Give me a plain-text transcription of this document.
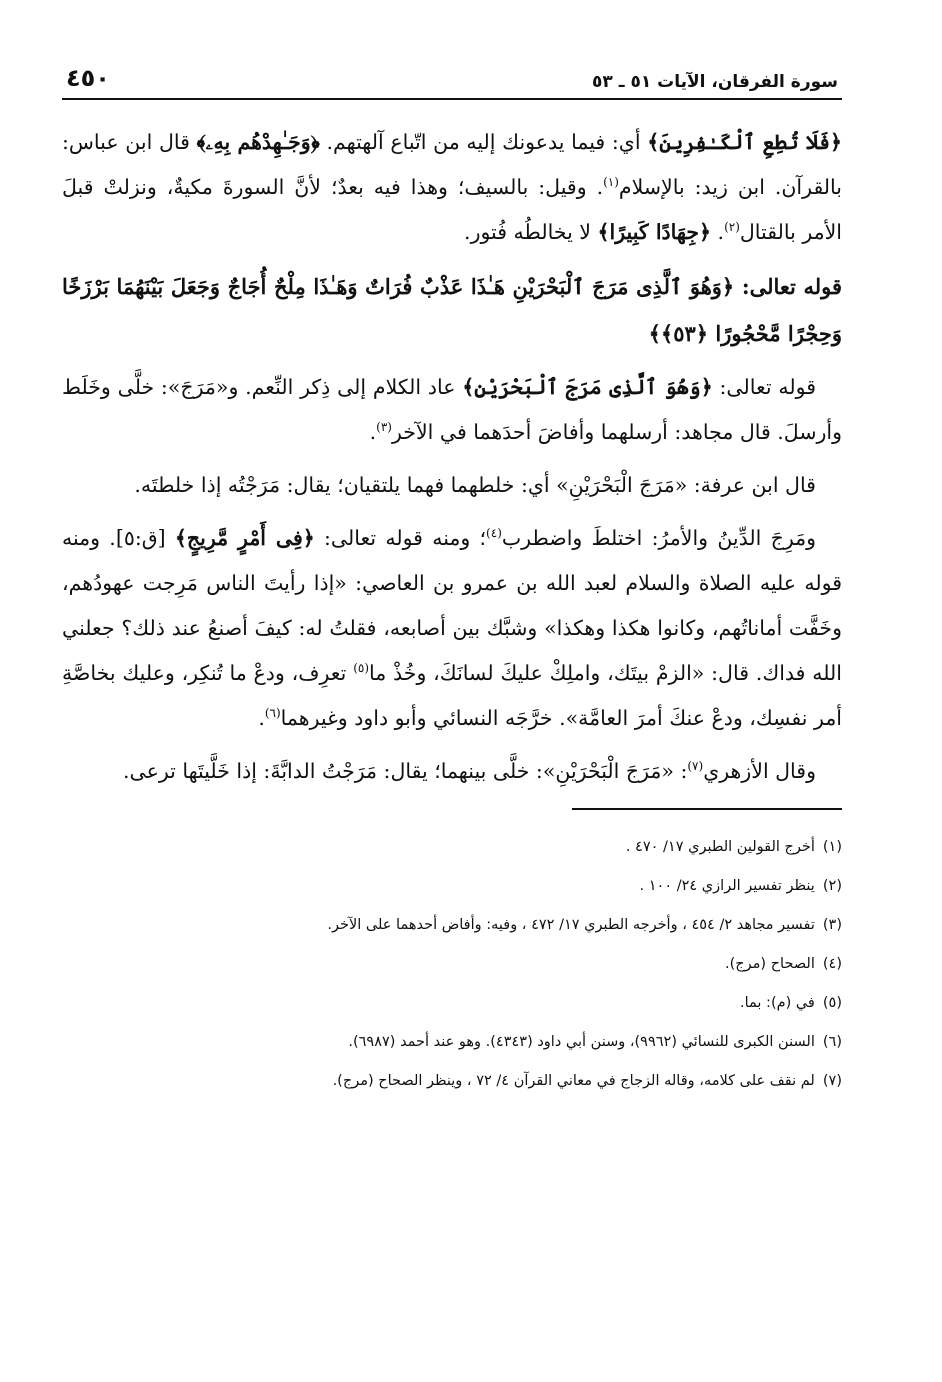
سورة الفرقان، الآيات ٥١ ـ ٥٣
٤٥٠

﴿فَلَا تُطِعِ ٱلْكَـٰفِرِينَ﴾ أي: فيما يدعونك إليه من اتّباع آلهتهم. ﴿وَجَـٰهِدْهُم بِهِۦ﴾ قال ابن عباس: بالقرآن. ابن زيد: بالإسلام$^{(١)}$. وقيل: بالسيف؛ وهذا فيه بعدٌ؛ لأنَّ السورةَ مكيةٌ، ونزلتْ قبلَ الأمر بالقتال$^{(٢)}$. ﴿جِهَادًا كَبِيرًا﴾ لا يخالطُه فُتور.

قوله تعالى: ﴿وَهُوَ ٱلَّذِى مَرَجَ ٱلْبَحْرَيْنِ هَـٰذَا عَذْبٌ فُرَاتٌ وَهَـٰذَا مِلْحٌ أُجَاجٌ وَجَعَلَ بَيْنَهُمَا بَرْزَخًا وَحِجْرًا مَّحْجُورًا ﴿٥٣﴾﴾

قوله تعالى: ﴿وَهُوَ ٱلَّذِى مَرَجَ ٱلْبَحْرَيْنِ﴾ عاد الكلام إلى ذِكر النِّعم. و«مَرَجَ»: خلَّى وخَلَط وأرسلَ. قال مجاهد: أرسلهما وأفاضَ أحدَهما في الآخر$^{(٣)}$.

قال ابن عرفة: «مَرَجَ الْبَحْرَيْنِ» أي: خلطهما فهما يلتقيان؛ يقال: مَرَجْتُه إذا خلطتَه.

ومَرِجَ الدِّينُ والأمرُ: اختلطَ واضطرب$^{(٤)}$؛ ومنه قوله تعالى: ﴿فِى أَمْرٍ مَّرِيجٍ﴾ [ق:٥]. ومنه قوله عليه الصلاة والسلام لعبد الله بن عمرو بن العاصي: «إذا رأيتَ الناس مَرِجت عهودُهم، وخَفَّت أماناتُهم، وكانوا هكذا وهكذا» وشبَّك بين أصابعه، فقلتُ له: كيفَ أصنعُ عند ذلك؟ جعلني الله فداك. قال: «الزمْ بيتَك، واملِكْ عليكَ لسانَكَ، وخُذْ ما$^{(٥)}$ تعرِف، ودعْ ما تُنكِر، وعليك بخاصَّةِ أمر نفسِك، ودعْ عنكَ أمرَ العامَّة». خرَّجَه النسائي وأبو داود وغيرهما$^{(٦)}$.

وقال الأزهري$^{(٧)}$: «مَرَجَ الْبَحْرَيْنِ»: خلَّى بينهما؛ يقال: مَرَجْتُ الدابَّةَ: إذا خَلَّيتَها ترعى.

(١)
أخرج القولين الطبري ١٧/ ٤٧٠ .
(٢)
ينظر تفسير الرازي ٢٤/ ١٠٠ .
(٣)
تفسير مجاهد ٢/ ٤٥٤ ، وأخرجه الطبري ١٧/ ٤٧٢ ، وفيه: وأفاض أحدهما على الآخر.
(٤)
الصحاح (مرج).
(٥)
في (م): بما.
(٦)
السنن الكبرى للنسائي (٩٩٦٢)، وسنن أبي داود (٤٣٤٣). وهو عند أحمد (٦٩٨٧).
(٧)
لم نقف على كلامه، وقاله الزجاج في معاني القرآن ٤/ ٧٢ ، وينظر الصحاح (مرج).
